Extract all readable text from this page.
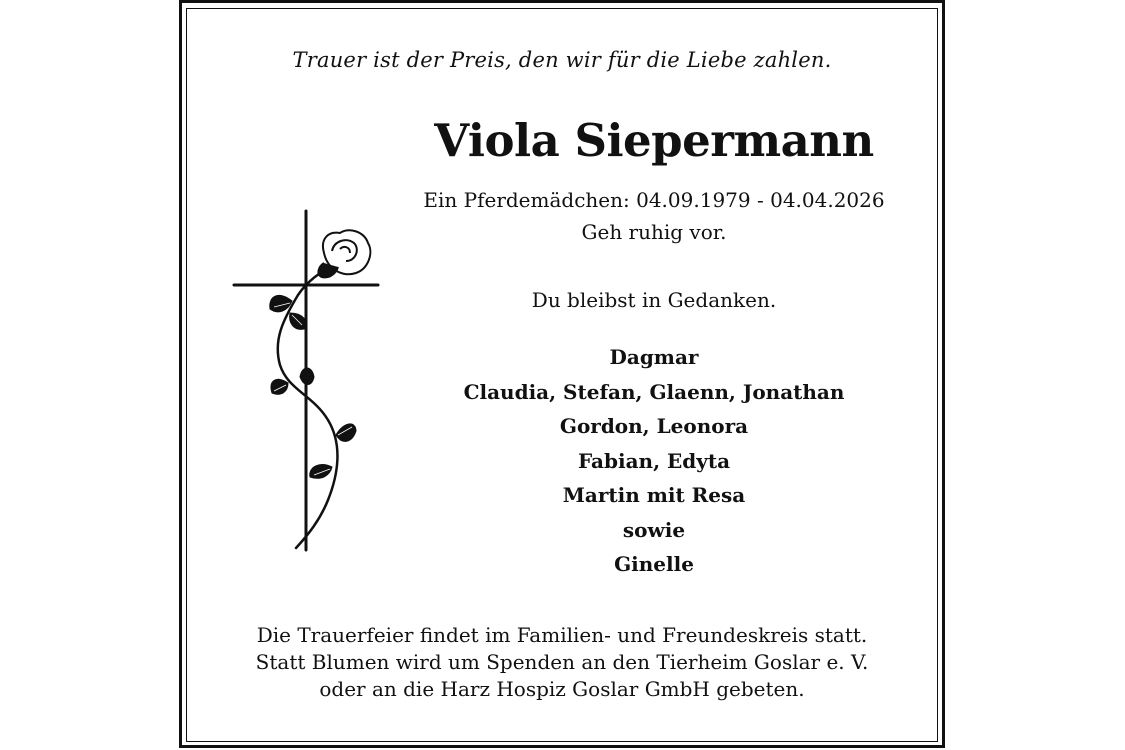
Trauer ist der Preis, den wir für die Liebe zahlen.
Viola Siepermann
Ein Pferdemädchen: 04.09.1979 - 04.04.2026
Geh ruhig vor.
Du bleibst in Gedanken.
Dagmar
Claudia, Stefan, Glaenn, Jonathan
Gordon, Leonora
Fabian, Edyta
Martin mit Resa
sowie
Ginelle
Die Trauerfeier findet im Familien- und Freundeskreis statt.
Statt Blumen wird um Spenden an den Tierheim Goslar e. V.
oder an die Harz Hospiz Goslar GmbH gebeten.
